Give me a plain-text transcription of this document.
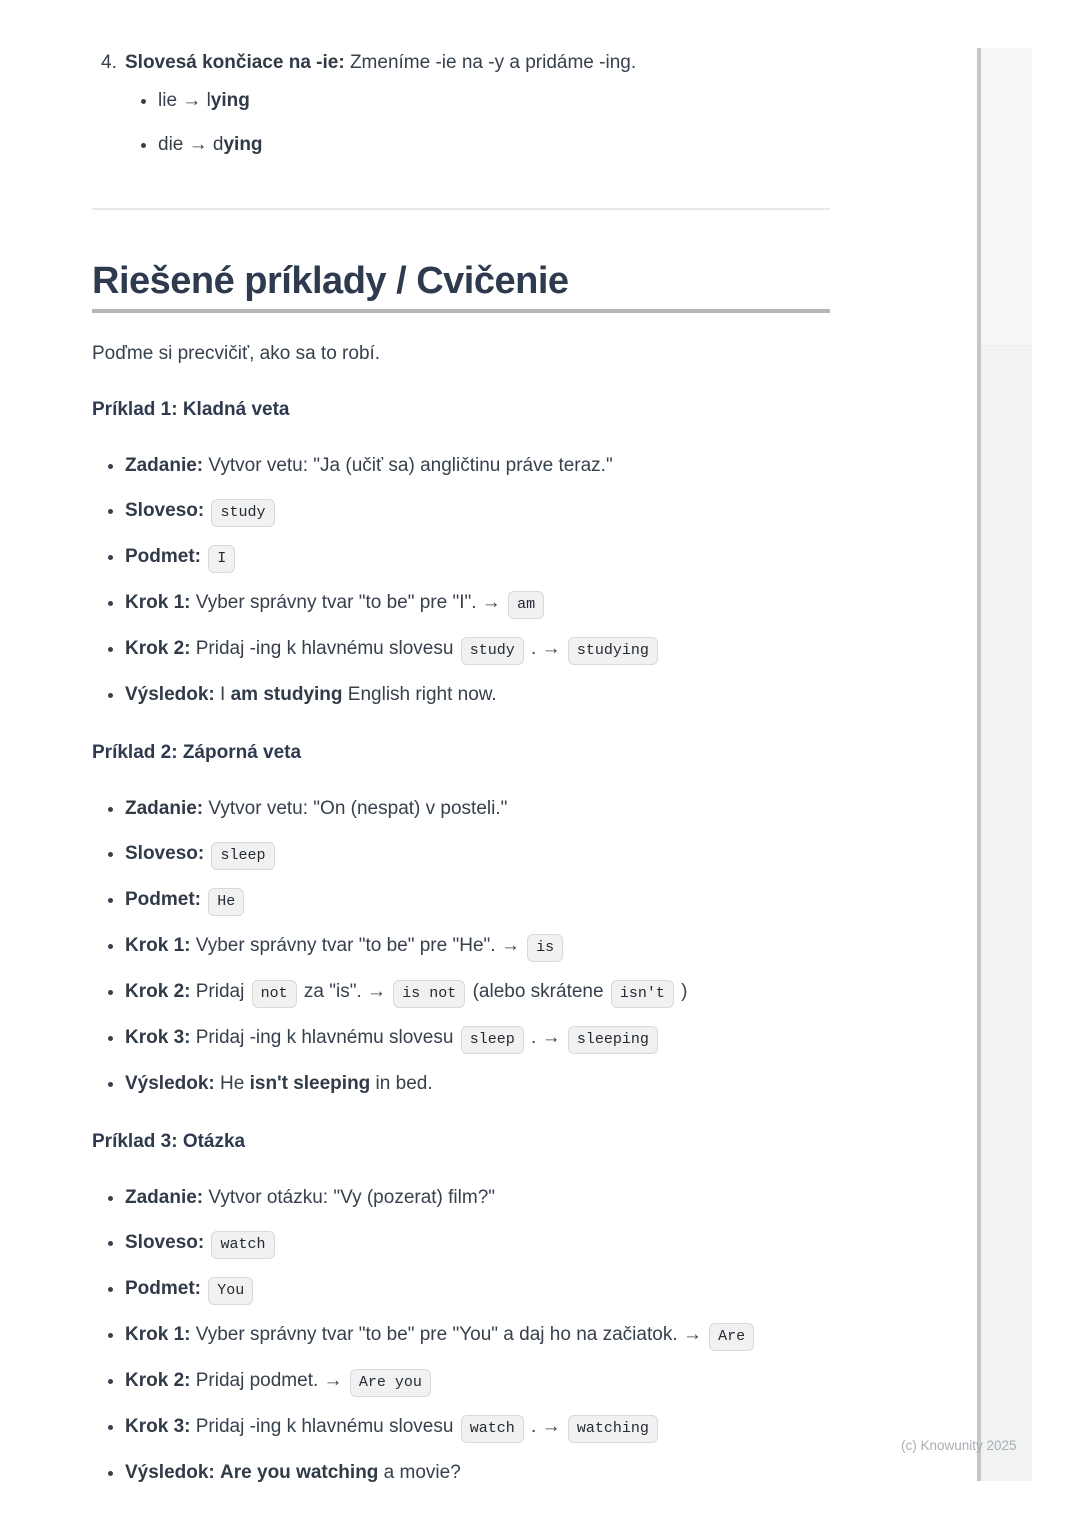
4. Slovesá končiace na -ie: Zmeníme -ie na -y a pridáme -ing.
• lie → lying
• die → dying
Riešené príklady / Cvičenie

Poďme si precvičiť, ako sa to robí.

Príklad 1: Kladná veta
• Zadanie: Vytvor vetu: "Ja (učiť sa) angličtinu práve teraz."
• Sloveso: study
• Podmet: I
• Krok 1: Vyber správny tvar "to be" pre "I". → am
• Krok 2: Pridaj -ing k hlavnému slovesu study . → studying
• Výsledok: I am studying English right now.
Príklad 2: Záporná veta
• Zadanie: Vytvor vetu: "On (nespat) v posteli."
• Sloveso: sleep
• Podmet: He
• Krok 1: Vyber správny tvar "to be" pre "He". → is
• Krok 2: Pridaj not za "is". → is not (alebo skrátene isn't )
• Krok 3: Pridaj -ing k hlavnému slovesu sleep . → sleeping
• Výsledok: He isn't sleeping in bed.
Príklad 3: Otázka
• Zadanie: Vytvor otázku: "Vy (pozerat) film?"
• Sloveso: watch
• Podmet: You
• Krok 1: Vyber správny tvar "to be" pre "You" a daj ho na začiatok. → Are
• Krok 2: Pridaj podmet. → Are you
• Krok 3: Pridaj -ing k hlavnému slovesu watch . → watching
• Výsledok: Are you watching a movie?
(c) Knowunity 2025
